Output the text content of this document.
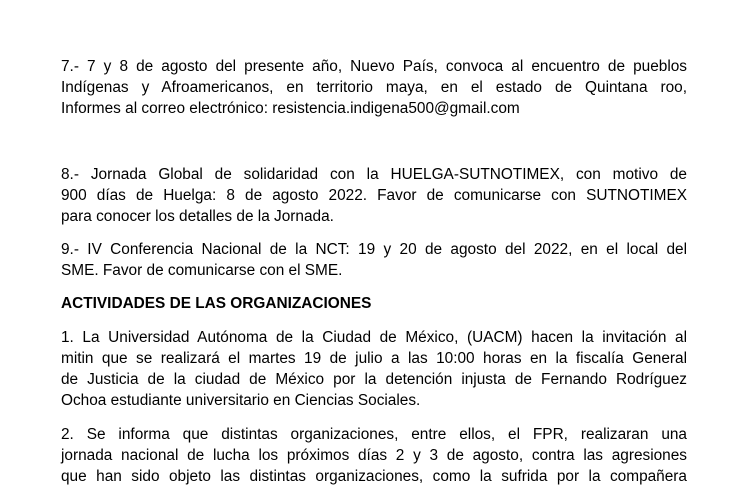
7.- 7 y 8 de agosto del presente año, Nuevo País, convoca al encuentro de pueblos
Indígenas y Afroamericanos, en territorio maya, en el estado de Quintana roo,
Informes al correo electrónico: resistencia.indigena500@gmail.com

8.- Jornada Global de solidaridad con la HUELGA-SUTNOTIMEX, con motivo de
900 días de Huelga: 8 de agosto 2022. Favor de comunicarse con SUTNOTIMEX
para conocer los detalles de la Jornada.

9.- IV Conferencia Nacional de la NCT: 19 y 20 de agosto del 2022, en el local del
SME. Favor de comunicarse con el SME.

ACTIVIDADES DE LAS ORGANIZACIONES

1. La Universidad Autónoma de la Ciudad de México, (UACM) hacen la invitación al
mitin que se realizará el martes 19 de julio a las 10:00 horas en la fiscalía General
de Justicia de la ciudad de México por la detención injusta de Fernando Rodríguez
Ochoa estudiante universitario en Ciencias Sociales.

2. Se informa que distintas organizaciones, entre ellos, el FPR, realizaran una
jornada nacional de lucha los próximos días 2 y 3 de agosto, contra las agresiones
que han sido objeto las distintas organizaciones, como la sufrida por la compañera
